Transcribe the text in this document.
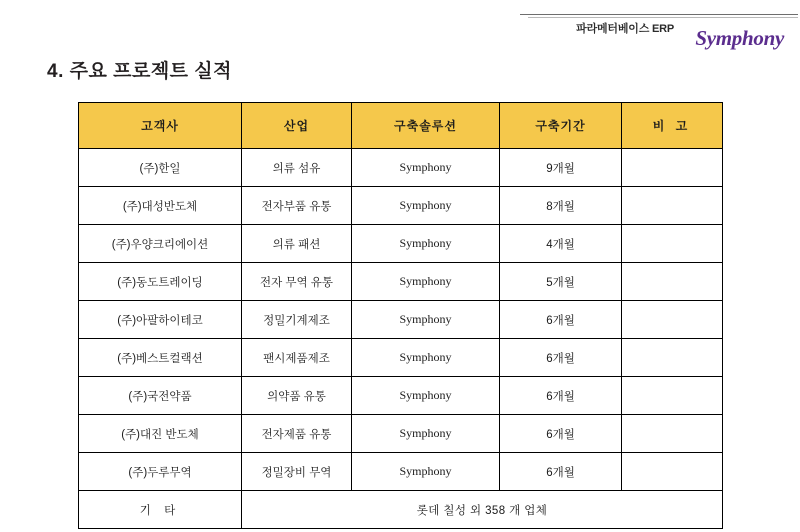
파라메터베이스 ERP Symphony
4. 주요 프로젝트 실적
고객사	산업	구축솔루션	구축기간	비 고
(주)한일	의류 섬유	Symphony	9개월	
(주)대성반도체	전자부품 유통	Symphony	8개월	
(주)우양크리에이션	의류 패션	Symphony	4개월	
(주)동도트레이딩	전자 무역 유통	Symphony	5개월	
(주)아팔하이테코	정밀기계제조	Symphony	6개월	
(주)베스트컬랙션	팬시제품제조	Symphony	6개월	
(주)국전약품	의약품 유통	Symphony	6개월	
(주)대진 반도체	전자제품 유통	Symphony	6개월	
(주)두루무역	정밀장비 무역	Symphony	6개월	
기 타	롯데 칠성 외 358 개 업체			
